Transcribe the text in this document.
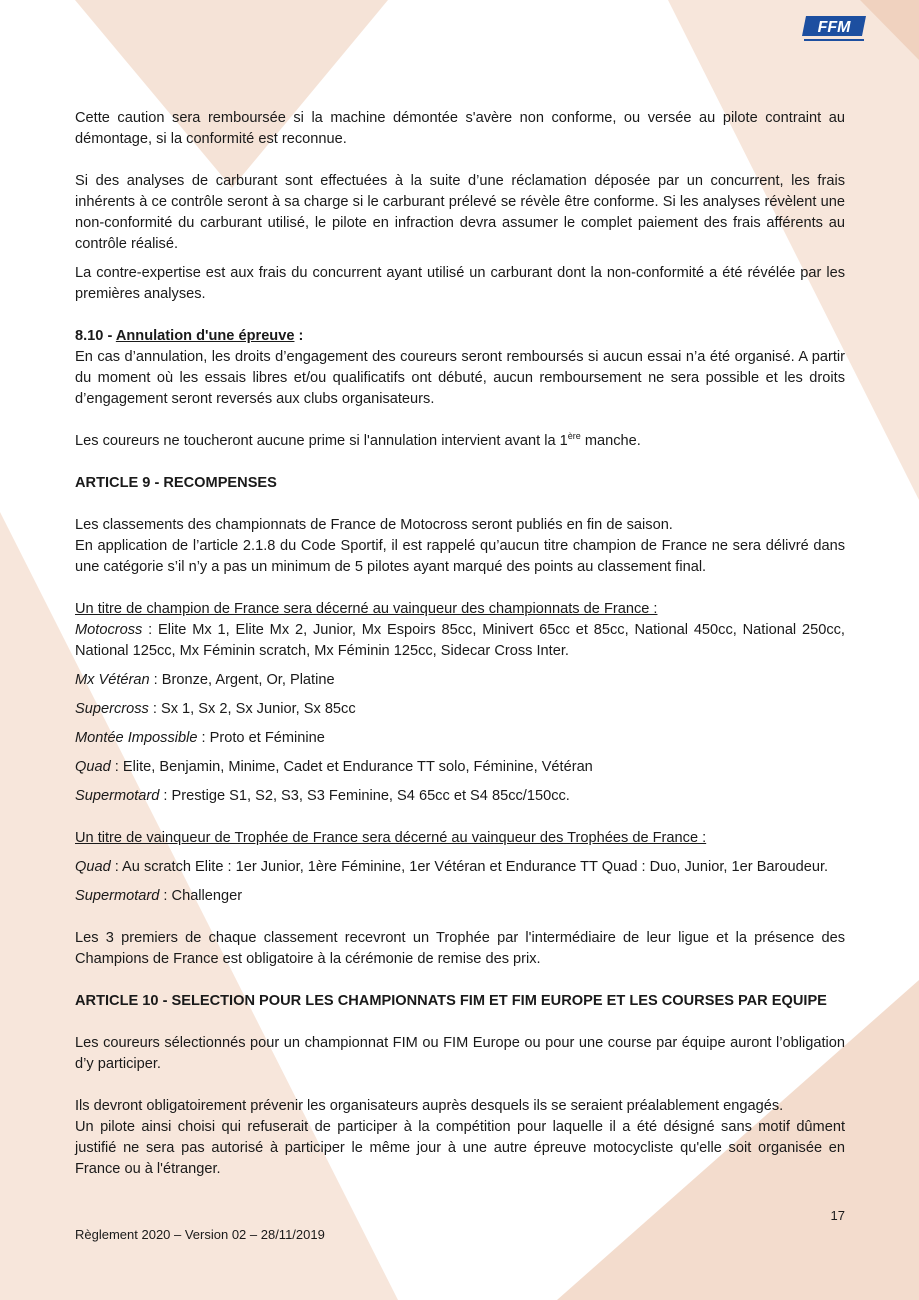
FFM

Cette caution sera remboursée si la machine démontée s'avère non conforme, ou versée au pilote contraint au démontage, si la conformité est reconnue.

Si des analyses de carburant sont effectuées à la suite d’une réclamation déposée par un concurrent, les frais inhérents à ce contrôle seront à sa charge si le carburant prélevé se révèle être conforme. Si les analyses révèlent une non-conformité du carburant utilisé, le pilote en infraction devra assumer le complet paiement des frais afférents au contrôle réalisé.

La contre-expertise est aux frais du concurrent ayant utilisé un carburant dont la non-conformité a été révélée par les premières analyses.

8.10 - Annulation d'une épreuve :

En cas d’annulation, les droits d’engagement des coureurs seront remboursés si aucun essai n’a été organisé. A partir du moment où les essais libres et/ou qualificatifs ont débuté, aucun remboursement ne sera possible et les droits d’engagement seront reversés aux clubs organisateurs.

Les coureurs ne toucheront aucune prime si l'annulation intervient avant la 1ère manche.

ARTICLE 9 - RECOMPENSES

Les classements des championnats de France de Motocross seront publiés en fin de saison.

En application de l’article 2.1.8 du Code Sportif, il est rappelé qu’aucun titre champion de France ne sera délivré dans une catégorie s’il n’y a pas un minimum de 5 pilotes ayant marqué des points au classement final.

Un titre de champion de France sera décerné au vainqueur des championnats de France :

Motocross : Elite Mx 1, Elite Mx 2, Junior, Mx Espoirs 85cc, Minivert 65cc et 85cc, National 450cc, National 250cc, National 125cc, Mx Féminin scratch, Mx Féminin 125cc, Sidecar Cross Inter.

Mx Vétéran : Bronze, Argent, Or, Platine

Supercross : Sx 1, Sx 2, Sx Junior, Sx 85cc

Montée Impossible : Proto et Féminine

Quad : Elite, Benjamin, Minime, Cadet et Endurance TT solo, Féminine, Vétéran

Supermotard : Prestige S1, S2, S3, S3 Feminine, S4 65cc et S4 85cc/150cc.

Un titre de vainqueur de Trophée de France sera décerné au vainqueur des Trophées de France :

Quad : Au scratch Elite : 1er Junior, 1ère Féminine, 1er Vétéran et Endurance TT Quad : Duo, Junior, 1er Baroudeur.

Supermotard : Challenger

Les 3 premiers de chaque classement recevront un Trophée par l'intermédiaire de leur ligue et la présence des Champions de France est obligatoire à la cérémonie de remise des prix.

ARTICLE 10 - SELECTION POUR LES CHAMPIONNATS FIM ET FIM EUROPE ET LES COURSES PAR EQUIPE

Les coureurs sélectionnés pour un championnat FIM ou FIM Europe ou pour une course par équipe auront l’obligation d’y participer.

Ils devront obligatoirement prévenir les organisateurs auprès desquels ils se seraient préalablement engagés.

Un pilote ainsi choisi qui refuserait de participer à la compétition pour laquelle il a été désigné sans motif dûment justifié ne sera pas autorisé à participer le même jour à une autre épreuve motocycliste qu'elle soit organisée en France ou à l'étranger.

17
Règlement 2020 – Version 02 – 28/11/2019
